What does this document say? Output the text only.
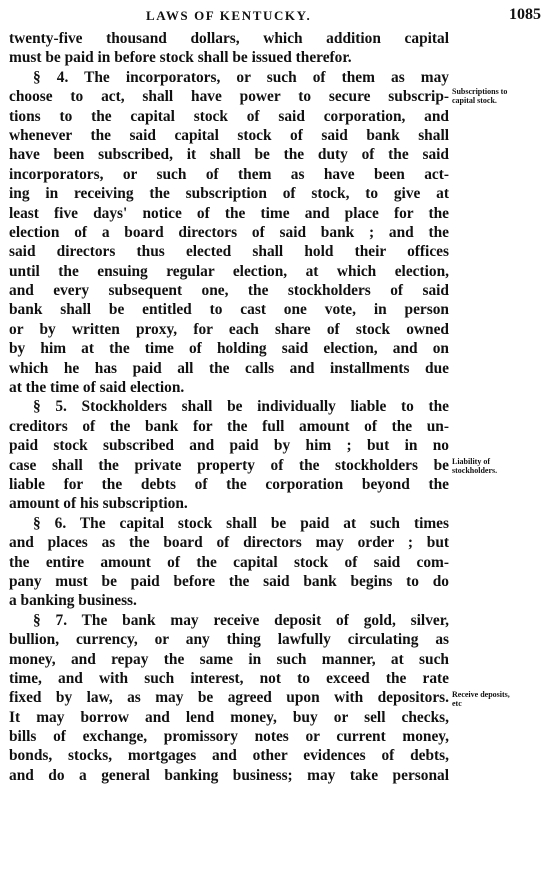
LAWS OF KENTUCKY.	1085
twenty-five thousand dollars, which addition capital
must be paid in before stock shall be issued therefor.
§ 4. The incorporators, or such of them as may
choose to act, shall have power to secure subscrip-
tions to the capital stock of said corporation, and
whenever the said capital stock of said bank shall
have been subscribed, it shall be the duty of the said
incorporators, or such of them as have been act-
ing in receiving the subscription of stock, to give at
least five days' notice of the time and place for the
election of a board directors of said bank ; and the
said directors thus elected shall hold their offices
until the ensuing regular election, at which election,
and every subsequent one, the stockholders of said
bank shall be entitled to cast one vote, in person
or by written proxy, for each share of stock owned
by him at the time of holding said election, and on
which he has paid all the calls and installments due
at the time of said election.
§ 5. Stockholders shall be individually liable to the
creditors of the bank for the full amount of the un-
paid stock subscribed and paid by him ; but in no
case shall the private property of the stockholders be
liable for the debts of the corporation beyond the
amount of his subscription.
§ 6. The capital stock shall be paid at such times
and places as the board of directors may order ; but
the entire amount of the capital stock of said com-
pany must be paid before the said bank begins to do
a banking business.
§ 7. The bank may receive deposit of gold, silver,
bullion, currency, or any thing lawfully circulating as
money, and repay the same in such manner, at such
time, and with such interest, not to exceed the rate
fixed by law, as may be agreed upon with depositors.
It may borrow and lend money, buy or sell checks,
bills of exchange, promissory notes or current money,
bonds, stocks, mortgages and other evidences of debts,
and do a general banking business; may take personal
Subscriptions to
capital stock.
Liability of
stockholders.
Receive deposits,
etc
